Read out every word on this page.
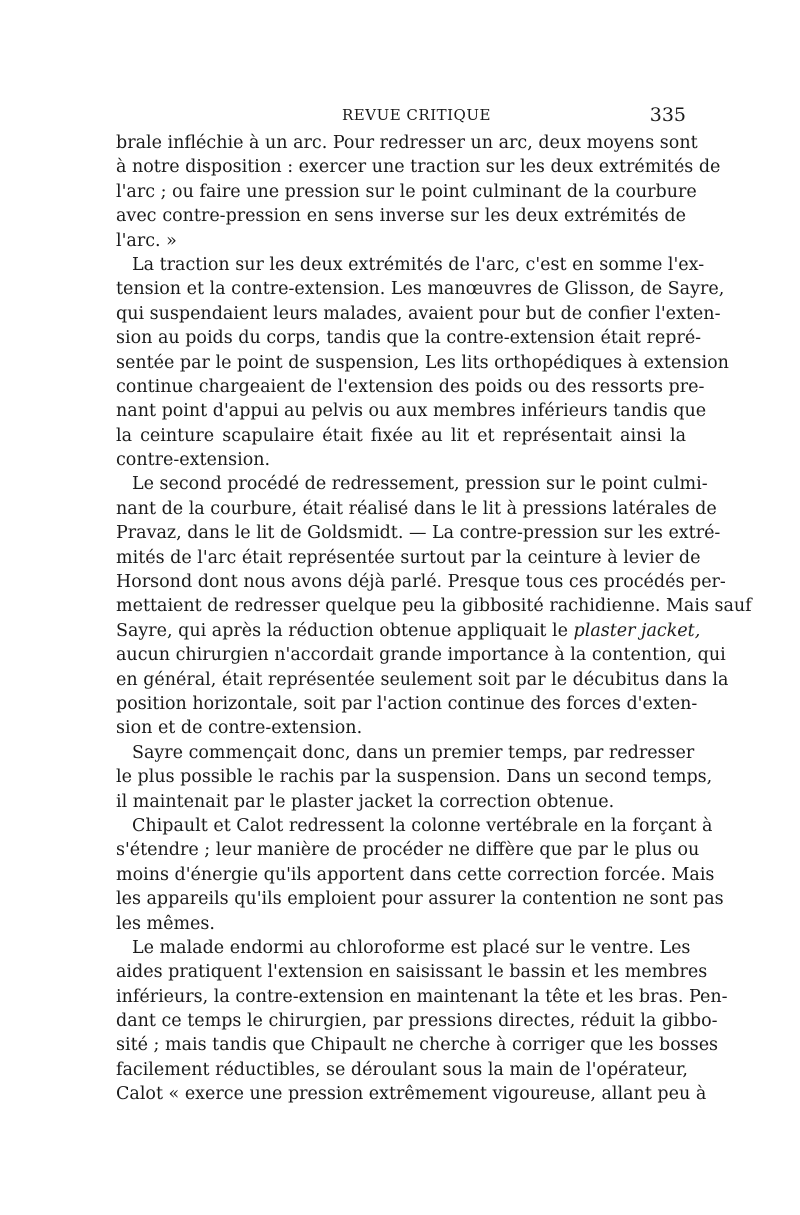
REVUE CRITIQUE	335
brale infléchie à un arc. Pour redresser un arc, deux moyens sont
à notre disposition : exercer une traction sur les deux extrémités de
l'arc ; ou faire une pression sur le point culminant de la courbure
avec contre-pression en sens inverse sur les deux extrémités de
l'arc. »
La traction sur les deux extrémités de l'arc, c'est en somme l'ex-
tension et la contre-extension. Les manœuvres de Glisson, de Sayre,
qui suspendaient leurs malades, avaient pour but de confier l'exten-
sion au poids du corps, tandis que la contre-extension était repré-
sentée par le point de suspension, Les lits orthopédiques à extension
continue chargeaient de l'extension des poids ou des ressorts pre-
nant point d'appui au pelvis ou aux membres inférieurs tandis que
la ceinture scapulaire était fixée au lit et représentait ainsi la
contre-extension.
Le second procédé de redressement, pression sur le point culmi-
nant de la courbure, était réalisé dans le lit à pressions latérales de
Pravaz, dans le lit de Goldsmidt. — La contre-pression sur les extré-
mités de l'arc était représentée surtout par la ceinture à levier de
Horsond dont nous avons déjà parlé. Presque tous ces procédés per-
mettaient de redresser quelque peu la gibbosité rachidienne. Mais sauf
Sayre, qui après la réduction obtenue appliquait le plaster jacket,
aucun chirurgien n'accordait grande importance à la contention, qui
en général, était représentée seulement soit par le décubitus dans la
position horizontale, soit par l'action continue des forces d'exten-
sion et de contre-extension.
Sayre commençait donc, dans un premier temps, par redresser
le plus possible le rachis par la suspension. Dans un second temps,
il maintenait par le plaster jacket la correction obtenue.
Chipault et Calot redressent la colonne vertébrale en la forçant à
s'étendre ; leur manière de procéder ne diffère que par le plus ou
moins d'énergie qu'ils apportent dans cette correction forcée. Mais
les appareils qu'ils emploient pour assurer la contention ne sont pas
les mêmes.
Le malade endormi au chloroforme est placé sur le ventre. Les
aides pratiquent l'extension en saisissant le bassin et les membres
inférieurs, la contre-extension en maintenant la tête et les bras. Pen-
dant ce temps le chirurgien, par pressions directes, réduit la gibbo-
sité ; mais tandis que Chipault ne cherche à corriger que les bosses
facilement réductibles, se déroulant sous la main de l'opérateur,
Calot « exerce une pression extrêmement vigoureuse, allant peu à
